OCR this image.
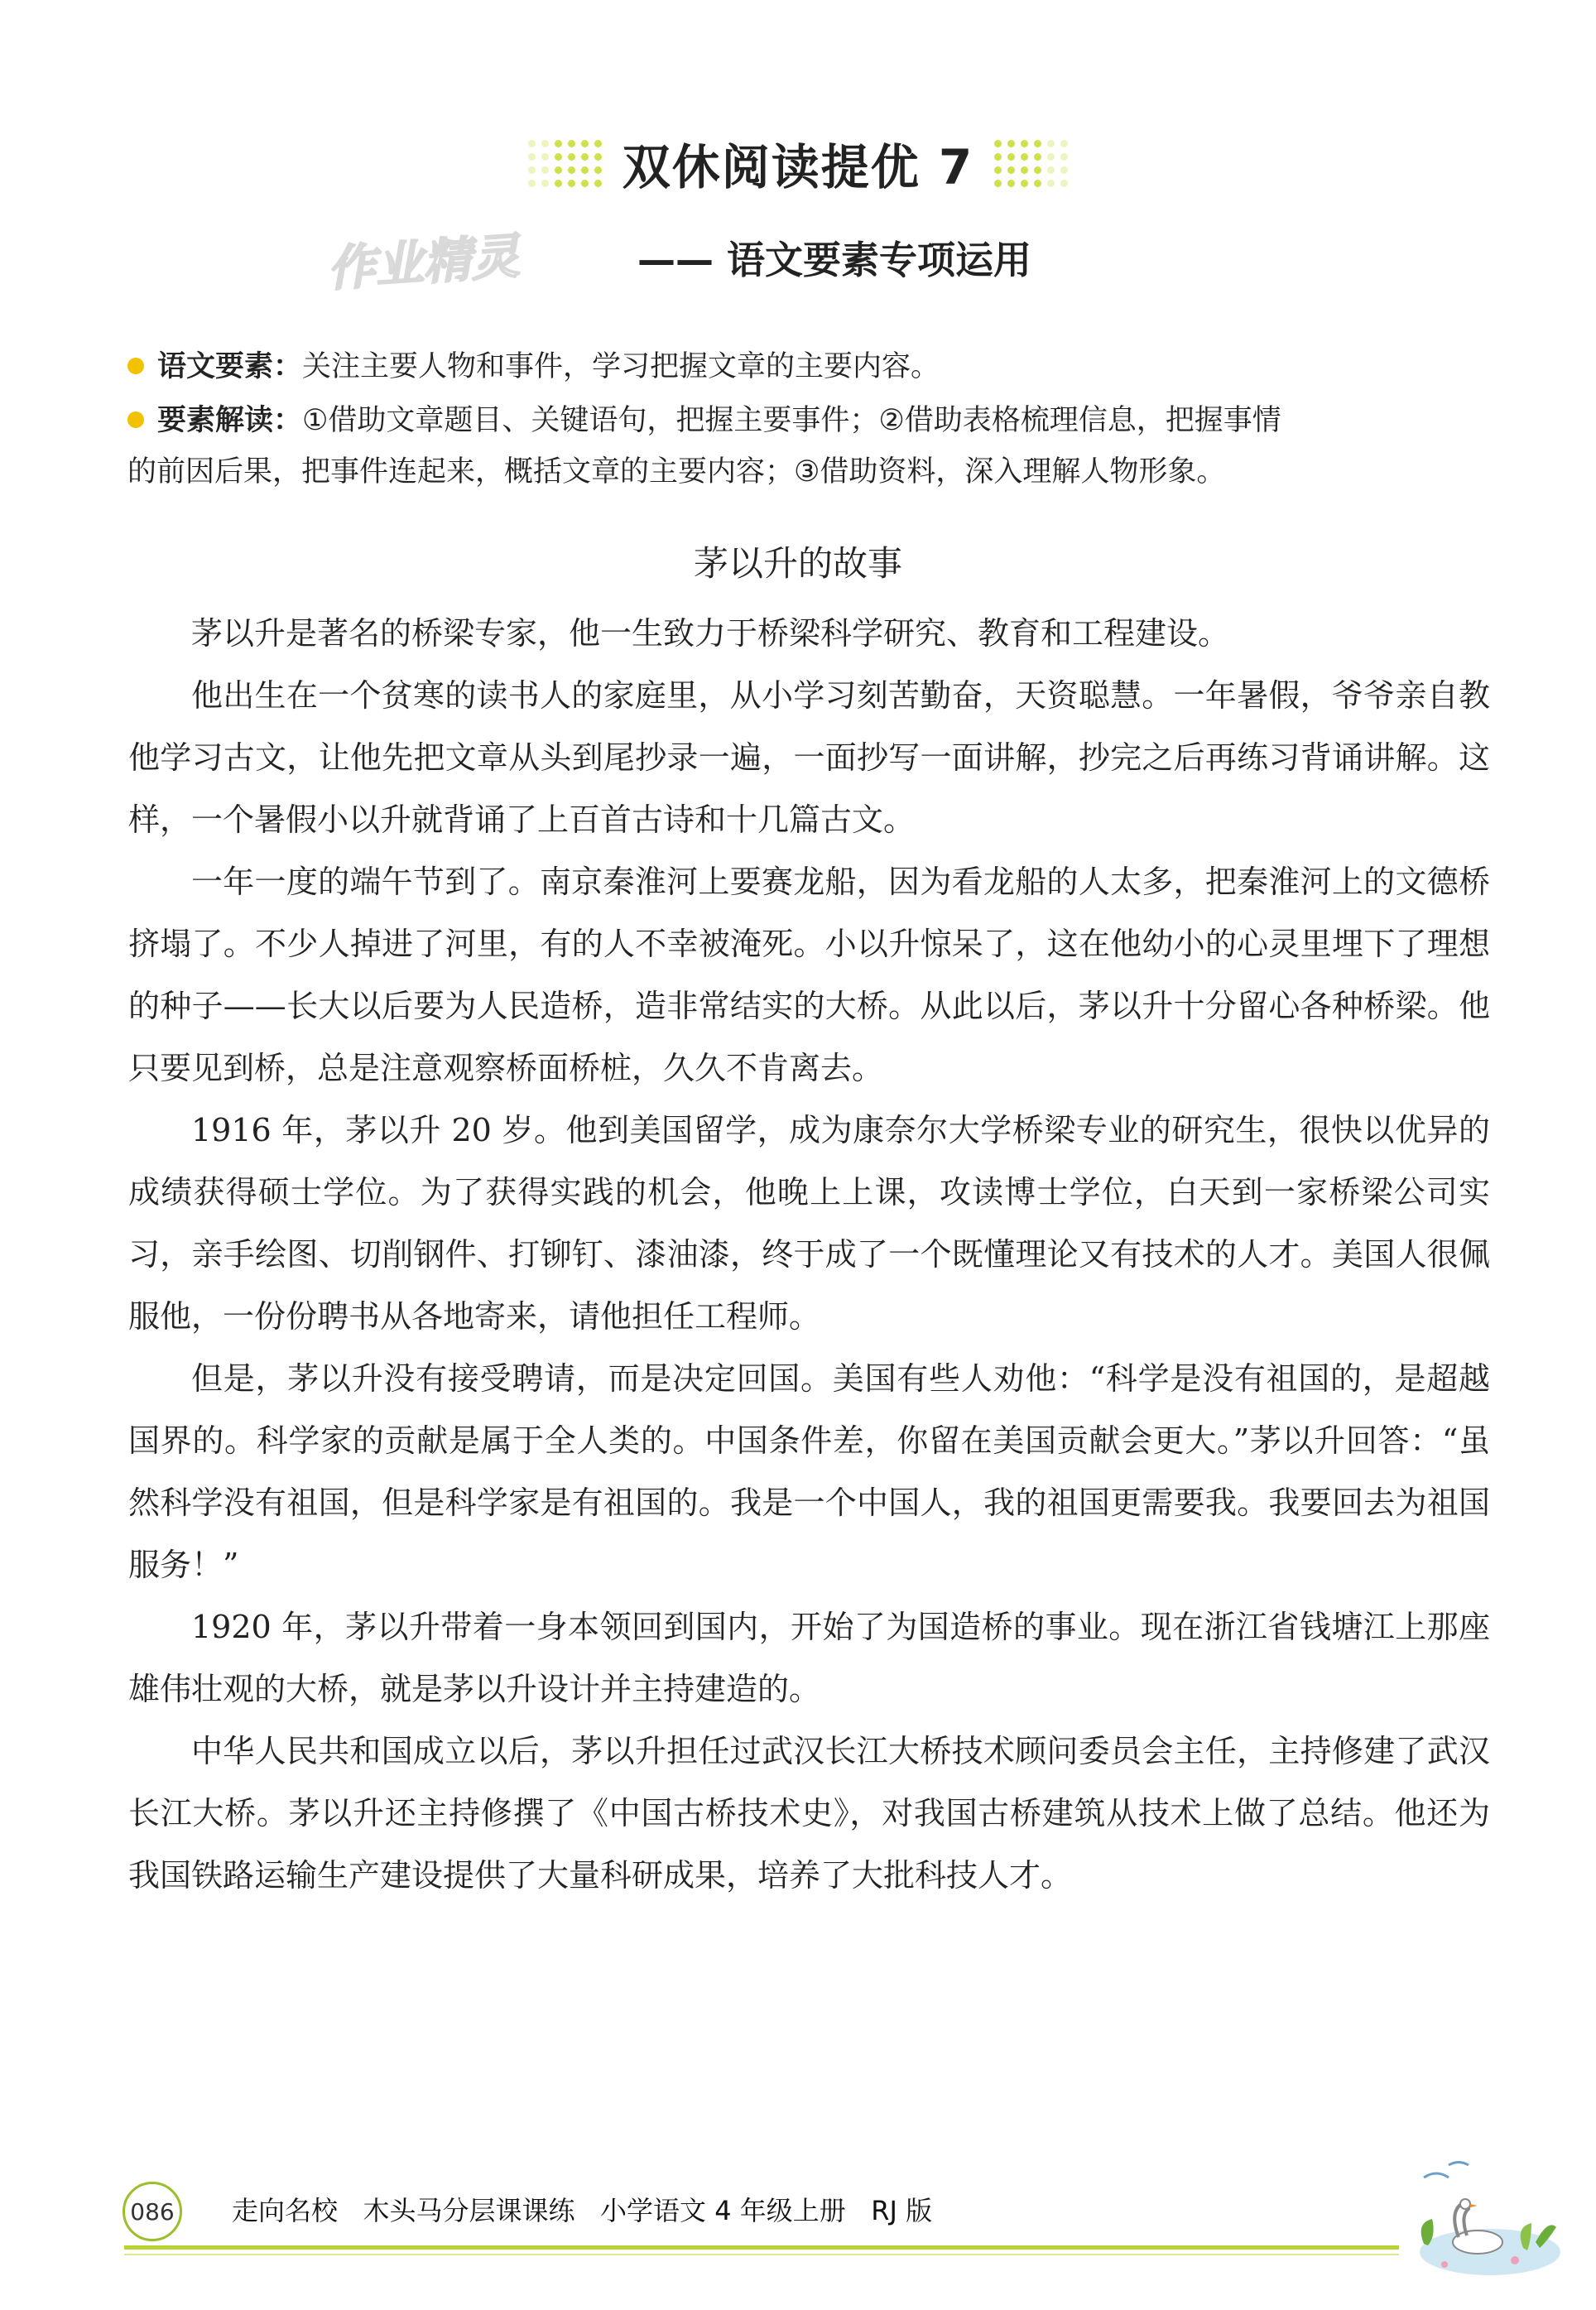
双休阅读提优 7
作业精灵	—— 语文要素专项运用
语文要素：关注主要人物和事件，学习把握文章的主要内容。
要素解读：①借助文章题目、关键语句，把握主要事件；②借助表格梳理信息，把握事情
的前因后果，把事件连起来，概括文章的主要内容；③借助资料，深入理解人物形象。
茅以升的故事

茅以升是著名的桥梁专家，他一生致力于桥梁科学研究、教育和工程建设。

他出生在一个贫寒的读书人的家庭里，从小学习刻苦勤奋，天资聪慧。一年暑假，爷爷亲自教他学习古文，让他先把文章从头到尾抄录一遍，一面抄写一面讲解，抄完之后再练习背诵讲解。这样，一个暑假小以升就背诵了上百首古诗和十几篇古文。

一年一度的端午节到了。南京秦淮河上要赛龙船，因为看龙船的人太多，把秦淮河上的文德桥挤塌了。不少人掉进了河里，有的人不幸被淹死。小以升惊呆了，这在他幼小的心灵里埋下了理想的种子——长大以后要为人民造桥，造非常结实的大桥。从此以后，茅以升十分留心各种桥梁。他只要见到桥，总是注意观察桥面桥桩，久久不肯离去。

1916 年，茅以升 20 岁。他到美国留学，成为康奈尔大学桥梁专业的研究生，很快以优异的成绩获得硕士学位。为了获得实践的机会，他晚上上课，攻读博士学位，白天到一家桥梁公司实习，亲手绘图、切削钢件、打铆钉、漆油漆，终于成了一个既懂理论又有技术的人才。美国人很佩服他，一份份聘书从各地寄来，请他担任工程师。

但是，茅以升没有接受聘请，而是决定回国。美国有些人劝他：“科学是没有祖国的，是超越国界的。科学家的贡献是属于全人类的。中国条件差，你留在美国贡献会更大。”茅以升回答：“虽然科学没有祖国，但是科学家是有祖国的。我是一个中国人，我的祖国更需要我。我要回去为祖国服务！”

1920 年，茅以升带着一身本领回到国内，开始了为国造桥的事业。现在浙江省钱塘江上那座雄伟壮观的大桥，就是茅以升设计并主持建造的。

中华人民共和国成立以后，茅以升担任过武汉长江大桥技术顾问委员会主任，主持修建了武汉长江大桥。茅以升还主持修撰了《中国古桥技术史》，对我国古桥建筑从技术上做了总结。他还为我国铁路运输生产建设提供了大量科研成果，培养了大批科技人才。

086 走向名校   木头马分层课课练   小学语文 4 年级上册   RJ 版
